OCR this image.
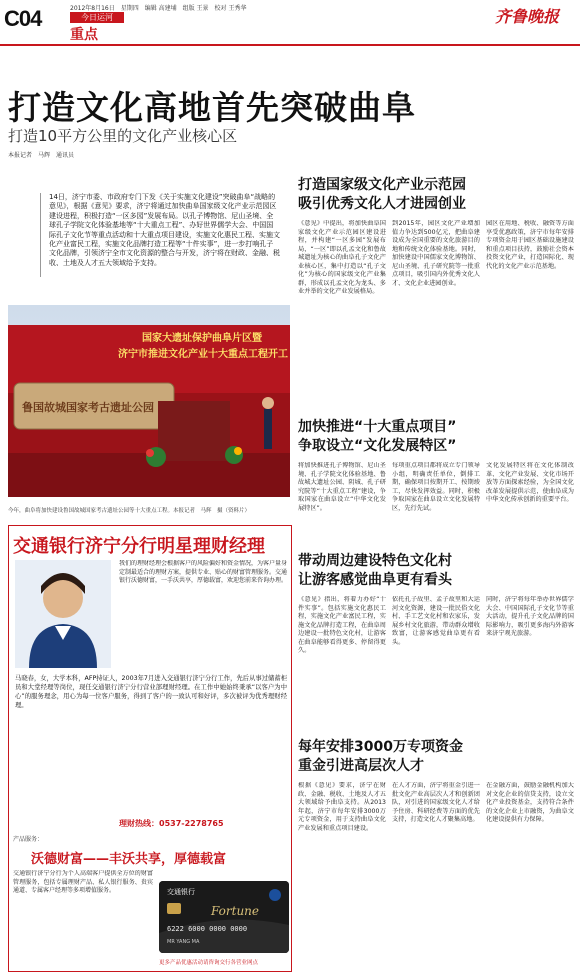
C04	2012年8月16日　星期四　编辑 高建埔　组版 王景　校对 王秀华
今日运河
重点
齐鲁晚报
打造文化高地首先突破曲阜
打造10平方公里的文化产业核心区
本报记者　马辉　通讯员
14日，济宁市委、市政府专门下发《关于实施文化建设”突破曲阜“战略的意见》，根据《意见》要求，济宁将通过加快曲阜国家级文化产业示范园区建设进程，积极打造“一区多园”发展布局。以孔子博物馆、尼山圣境、全球孔子学院文化体验基地等“十大重点工程”、办好世界儒学大会、中国国际孔子文化节等重点活动和十大重点项目建设，实施文化惠民工程、实施文化产业富民工程，实施文化品牌打造工程等“十件实事”，进一步打响孔子文化品牌，引领济宁全市文化资源的整合与开发，济宁将在财政、金融、税收、土地及人才五大领域给予支持。
国家大遗址保护曲阜片区暨
济宁市推进文化产业十大重点工程开工
鲁国故城国家考古遗址公园
今年，曲阜将加快建设鲁国故城国家考古遗址公园等十大重点工程。本报记者　马辉　摄（资料片）
打造国家级文化产业示范园
吸引优秀文化人才进园创业
《意见》中提出，将加快曲阜国家级文化产业示范园区建设进程，并构建“一区多园”发展布局，“一区”即以孔孟文化和鲁故城遗址为核心的曲阜孔子文化产业核心区，集中打造以“孔子文化”为核心的国家级文化产业集群，形成以孔孟文化为龙头、多业并举的文化产业发展格局。
到2015年，园区文化产业增加值力争达到500亿元，把曲阜建设成为全国重要的文化旅游目的地和传统文化体验基地。同时，加快建设中国儒家文化博物馆、尼山圣境、孔子研究院等一批重点项目，吸引国内外优秀文化人才、文化企业进园创业。
园区在用地、税收、融资等方面享受优惠政策，济宁市每年安排专项资金用于园区基础设施建设和重点项目扶持，鼓励社会资本投资文化产业，打造国际化、现代化的文化产业示范基地。
加快推进“十大重点项目”
争取设立“文化发展特区”
将加快推进孔子博物馆、尼山圣境、孔子学院文化体验基地、鲁故城大遗址公园、阴城、孔子研究院等“十大重点工程”建设，争取国家在曲阜设立“中华文化发展特区”。
每项重点项目都将成立专门领导小组，明确责任单位，倒排工期，确保项目按期开工、按期竣工，尽快发挥效益。同时，积极争取国家在曲阜设立文化发展特区，先行先试。
文化发展特区将在文化体制改革、文化产业发展、文化市场开放等方面探索经验，为全国文化改革发展提供示范，使曲阜成为中华文化传承创新的重要平台。
带动周边建设特色文化村
让游客感觉曲阜更有看头
《意见》指出，将着力办好“十件实事”。包括实施文化惠民工程，实施文化产业富民工程，实施文化品牌打造工程，在曲阜周边建设一批特色文化村，让游客在曲阜能够看得更多、停留得更久。
依托孔子故里、孟子故里和大运河文化资源，建设一批民俗文化村、手工艺文化村和农家乐，发展乡村文化旅游，带动群众增收致富，让游客感觉曲阜更有看头。
同时，济宁将每年举办世界儒学大会、中国国际孔子文化节等重大活动，提升孔子文化品牌的国际影响力，吸引更多海内外游客来济宁观光旅游。
每年安排3000万专项资金
重金引进高层次人才
根据《意见》要求，济宁在财政、金融、税收、土地及人才五大领域给予曲阜支持。从2013年起，济宁市每年安排3000万元专项资金，用于支持曲阜文化产业发展和重点项目建设。
在人才方面，济宁将重金引进一批文化产业高层次人才和创新团队，对引进的国家级文化人才给予住房、科研经费等方面的优先支持，打造文化人才聚集高地。
在金融方面，鼓励金融机构加大对文化企业的信贷支持，设立文化产业投资基金，支持符合条件的文化企业上市融资，为曲阜文化建设提供有力保障。
交通银行济宁分行明星理财经理
我们的理财经理会根据客户的风险偏好和资金情况，为客户量身定制最适合的理财方案，提供专业、贴心的财富管理服务。交通银行沃德财富，一手沃共享，厚德载富，欢迎您前来咨询办理。
马晓春，女，大学本科，AFP持证人，2003年7月进入交通银行济宁分行工作，先后从事过储蓄柜员和大堂经理等岗位，现任交通银行济宁分行营业部理财经理。在工作中她始终秉承“以客户为中心”的服务理念，用心为每一位客户服务，得到了客户的一致认可和好评，多次被评为优秀理财经理。
理财热线：0537-2278765
产品服务：
沃德财富——丰沃共享，厚德载富
交通银行济宁分行为个人高端客户提供全方位的财富管理服务，包括专属理财产品、私人银行服务、贵宾通道、专属客户经理等多项增值服务。	交通银行
Fortune
6222 6000 0000 0000
MR YANG MA
更多产品优惠活动请咨询交行各营业网点
